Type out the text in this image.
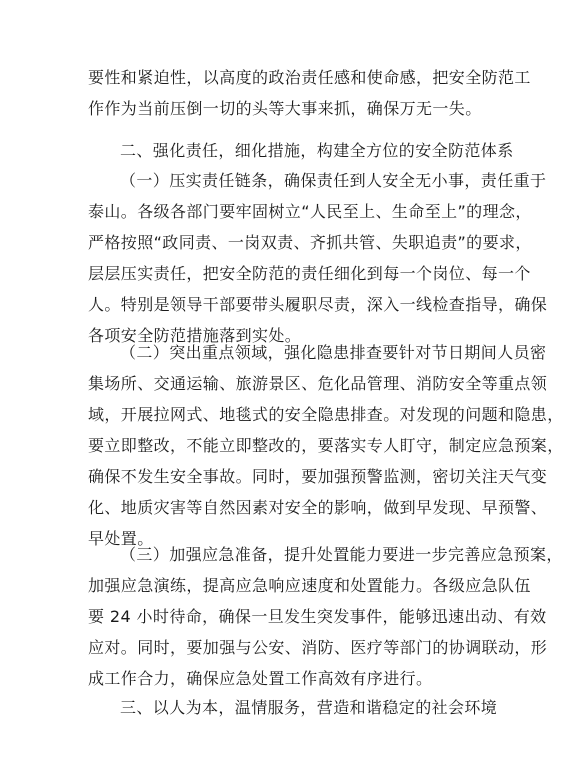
要性和紧迫性，以高度的政治责任感和使命感，把安全防范工
作作为当前压倒一切的头等大事来抓，确保万无一失。

二、强化责任，细化措施，构建全方位的安全防范体系

（一）压实责任链条，确保责任到人安全无小事，责任重于
泰山。各级各部门要牢固树立“人民至上、生命至上”的理念，
严格按照“政同责、一岗双责、齐抓共管、失职追责”的要求，
层层压实责任，把安全防范的责任细化到每一个岗位、每一个
人。特别是领导干部要带头履职尽责，深入一线检查指导，确保
各项安全防范措施落到实处。

（二）突出重点领域，强化隐患排查要针对节日期间人员密
集场所、交通运输、旅游景区、危化品管理、消防安全等重点领
域，开展拉网式、地毯式的安全隐患排查。对发现的问题和隐患，
要立即整改，不能立即整改的，要落实专人盯守，制定应急预案，
确保不发生安全事故。同时，要加强预警监测，密切关注天气变
化、地质灾害等自然因素对安全的影响，做到早发现、早预警、
早处置。

（三）加强应急准备，提升处置能力要进一步完善应急预案，
加强应急演练，提高应急响应速度和处置能力。各级应急队伍
要 24 小时待命，确保一旦发生突发事件，能够迅速出动、有效
应对。同时，要加强与公安、消防、医疗等部门的协调联动，形
成工作合力，确保应急处置工作高效有序进行。

三、以人为本，温情服务，营造和谐稳定的社会环境
